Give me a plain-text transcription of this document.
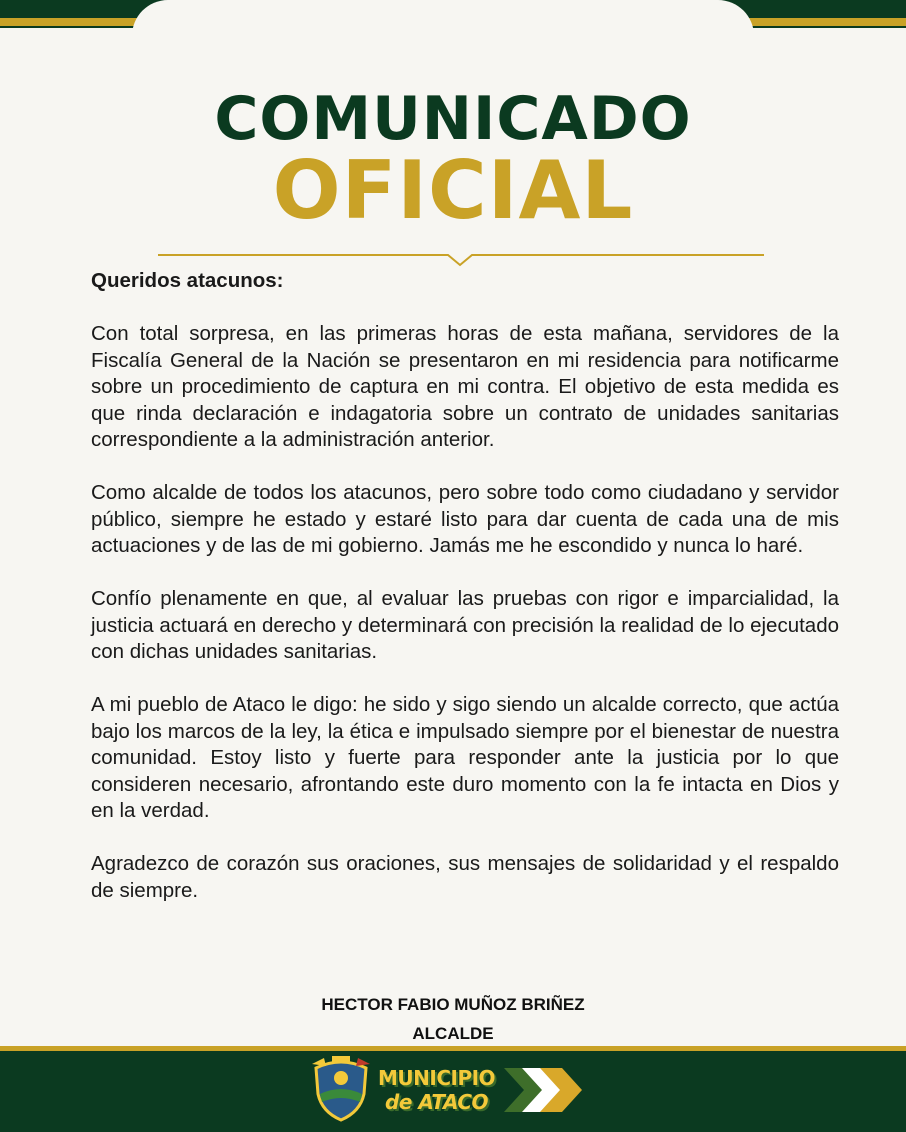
COMUNICADO
OFICIAL

Queridos atacunos:

Con total sorpresa, en las primeras horas de esta mañana, servidores de la Fiscalía General de la Nación se presentaron en mi residencia para notificarme sobre un procedimiento de captura en mi contra. El objetivo de esta medida es que rinda declaración e indagatoria sobre un contrato de unidades sanitarias correspondiente a la administración anterior.

Como alcalde de todos los atacunos, pero sobre todo como ciudadano y servidor público, siempre he estado y estaré listo para dar cuenta de cada una de mis actuaciones y de las de mi gobierno. Jamás me he escondido y nunca lo haré.

Confío plenamente en que, al evaluar las pruebas con rigor e imparcialidad, la justicia actuará en derecho y determinará con precisión la realidad de lo ejecutado con dichas unidades sanitarias.

A mi pueblo de Ataco le digo: he sido y sigo siendo un alcalde correcto, que actúa bajo los marcos de la ley, la ética e impulsado siempre por el bienestar de nuestra comunidad. Estoy listo y fuerte para responder ante la justicia por lo que consideren necesario, afrontando este duro momento con la fe intacta en Dios y en la verdad.

Agradezco de corazón sus oraciones, sus mensajes de solidaridad y el respaldo de siempre.

HECTOR FABIO MUÑOZ BRIÑEZ
ALCALDE
MUNICIPIO
de ATACO
